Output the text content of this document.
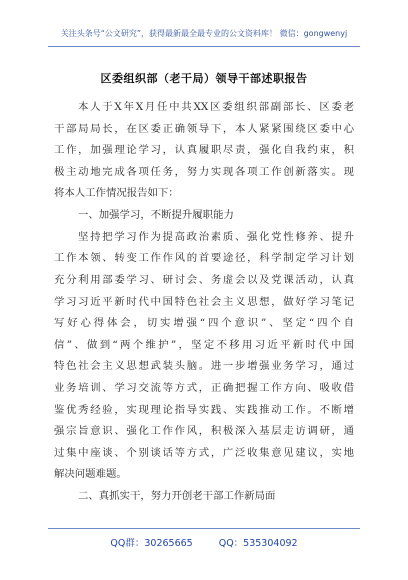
关注头条号“公文研究”，获得最新最全最专业的公文资料库！ 微信：gongwenyj
区委组织部（老干局）领导干部述职报告
本人于X年X月任中共XX区委组织部副部长、区委老
干部局局长，在区委正确领导下，本人紧紧围绕区委中心
工作，加强理论学习，认真履职尽责，强化自我约束，积
极主动地完成各项任务，努力实现各项工作创新落实。现
将本人工作情况报告如下：
一、加强学习，不断提升履职能力
坚持把学习作为提高政治素质、强化党性修养、提升
工作本领、转变工作作风的首要途径，科学制定学习计划
充分利用部委学习、研讨会、务虚会以及党课活动，认真
学习习近平新时代中国特色社会主义思想，做好学习笔记
写好心得体会，切实增强“四个意识”、坚定“四个自
信”、做到“两个维护”，坚定不移用习近平新时代中国
特色社会主义思想武装头脑。进一步增强业务学习，通过
业务培训、学习交流等方式，正确把握工作方向、吸收借
鉴优秀经验，实现理论指导实践、实践推动工作。不断增
强宗旨意识、强化工作作风，积极深入基层走访调研，通
过集中座谈、个别谈话等方式，广泛收集意见建议，实地
解决问题难题。
二、真抓实干，努力开创老干部工作新局面
QQ群：30265665	QQ：535304092
